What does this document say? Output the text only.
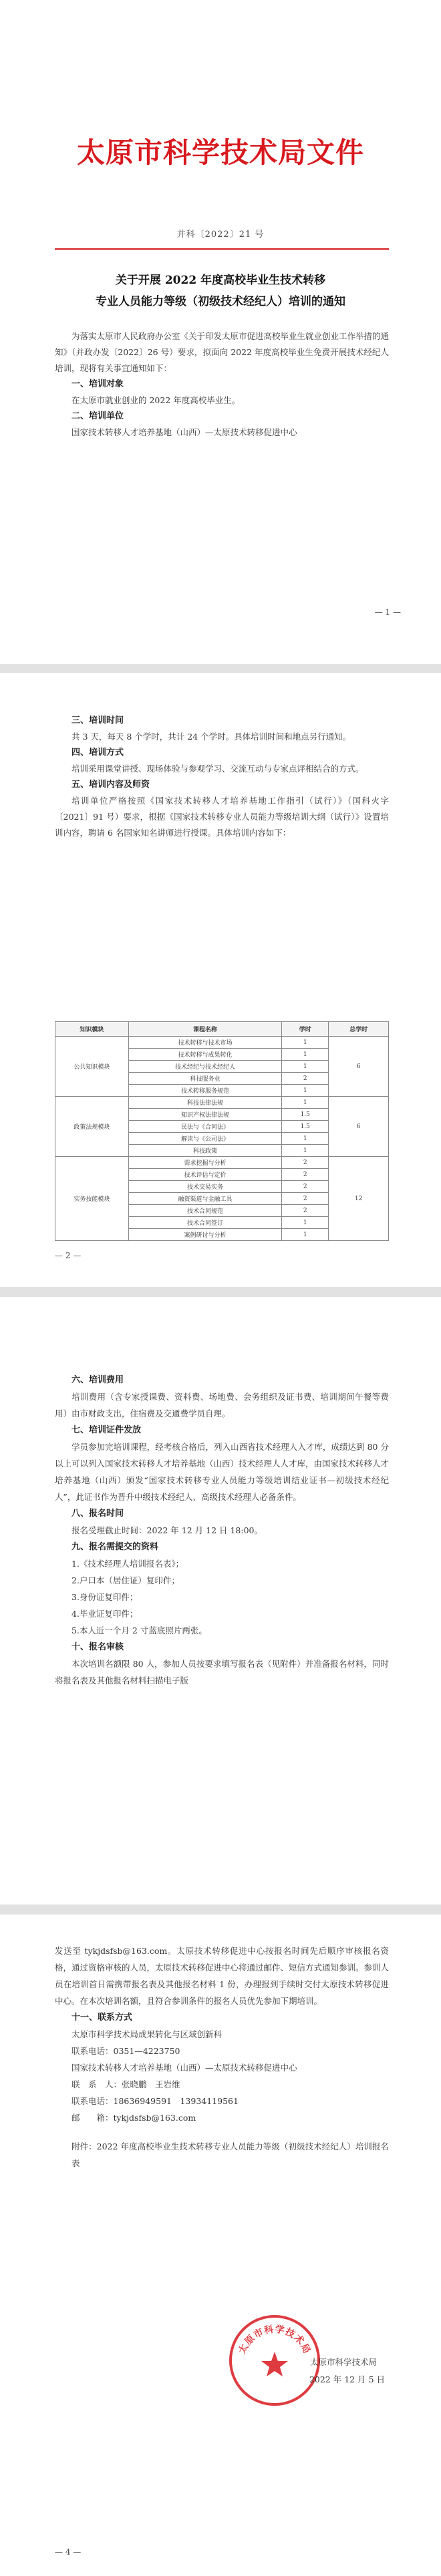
太原市科学技术局文件
并科〔2022〕21 号
关于开展 2022 年度高校毕业生技术转移
专业人员能力等级（初级技术经纪人）培训的通知

为落实太原市人民政府办公室《关于印发太原市促进高校毕业生就业创业工作举措的通知》（并政办发〔2022〕26 号）要求，拟面向 2022 年度高校毕业生免费开展技术经纪人培训，现将有关事宜通知如下：

一、培训对象

在太原市就业创业的 2022 年度高校毕业生。

二、培训单位

国家技术转移人才培养基地（山西）—太原技术转移促进中心

— 1 —

三、培训时间

共 3 天，每天 8 个学时，共计 24 个学时。具体培训时间和地点另行通知。

四、培训方式

培训采用课堂讲授、现场体验与参观学习、交流互动与专家点评相结合的方式。

五、培训内容及师资

培训单位严格按照《国家技术转移人才培养基地工作指引（试行）》（国科火字〔2021〕91 号）要求，根据《国家技术转移专业人员能力等级培训大纲（试行）》设置培训内容，聘请 6 名国家知名讲师进行授课。具体培训内容如下：

知识模块	课程名称	学时	总学时
公共知识模块	技术转移与技术市场	1	6
	技术转移与成果转化	1	
	技术经纪与技术经纪人	1	
	科技服务业	2	
	技术转移服务规范	1	
政策法规模块	科技法律法规	1	6
	知识产权法律法规	1.5	
	民法与《合同法》	1.5	
	解读与《公司法》	1	
	科技政策	1	
实务技能模块	需求挖掘与分析	2	12
	技术评估与定价	2	
	技术交易实务	2	
	融资渠道与金融工具	2	
	技术合同规范	2	
	技术合同签订	1	
	案例研讨与分析	1	
— 2 —

六、培训费用

培训费用（含专家授课费、资料费、场地费、会务组织及证书费、培训期间午餐等费用）由市财政支出，住宿费及交通费学员自理。

七、培训证件发放

学员参加完培训课程，经考核合格后，列入山西省技术经理人入才库，成绩达到 80 分以上可以列入国家技术转移人才培养基地（山西）技术经理人人才库，由国家技术转移人才培养基地（山西）颁发“国家技术转移专业人员能力等级培训结业证书—初级技术经纪人”，此证书作为晋升中级技术经纪人、高级技术经理人必备条件。

八、报名时间

报名受理截止时间：2022 年 12 月 12 日 18:00。

九、报名需提交的资料

1.《技术经理人培训报名表》；

2.户口本（居住证）复印件；

3.身份证复印件；

4.毕业证复印件；

5.本人近一个月 2 寸蓝底照片两张。

十、报名审核

本次培训名额限 80 人，参加人员按要求填写报名表（见附件）并准备报名材料，同时将报名表及其他报名材料扫描电子版

发送至 tykjdsfsb@163.com。太原技术转移促进中心按报名时间先后顺序审核报名资格，通过资格审核的人员，太原技术转移促进中心将通过邮件、短信方式通知参训。参训人员在培训首日需携带报名表及其他报名材料 1 份，办理报到手续时交付太原技术转移促进中心。在本次培训名额，且符合参训条件的报名人员优先参加下期培训。

十一、联系方式

太原市科学技术局成果转化与区域创新科

联系电话：0351—4223750

国家技术转移人才培养基地（山西）—太原技术转移促进中心

联　系　人：张晓鹏　王岩维

联系电话：18636949591　13934119561

邮　　箱：tykjdsfsb@163.com

附件：2022 年度高校毕业生技术转移专业人员能力等级（初级技术经纪人）培训报名表

太原市科学技术局
太原市科学技术局
2022 年 12 月 5 日
— 4 —
